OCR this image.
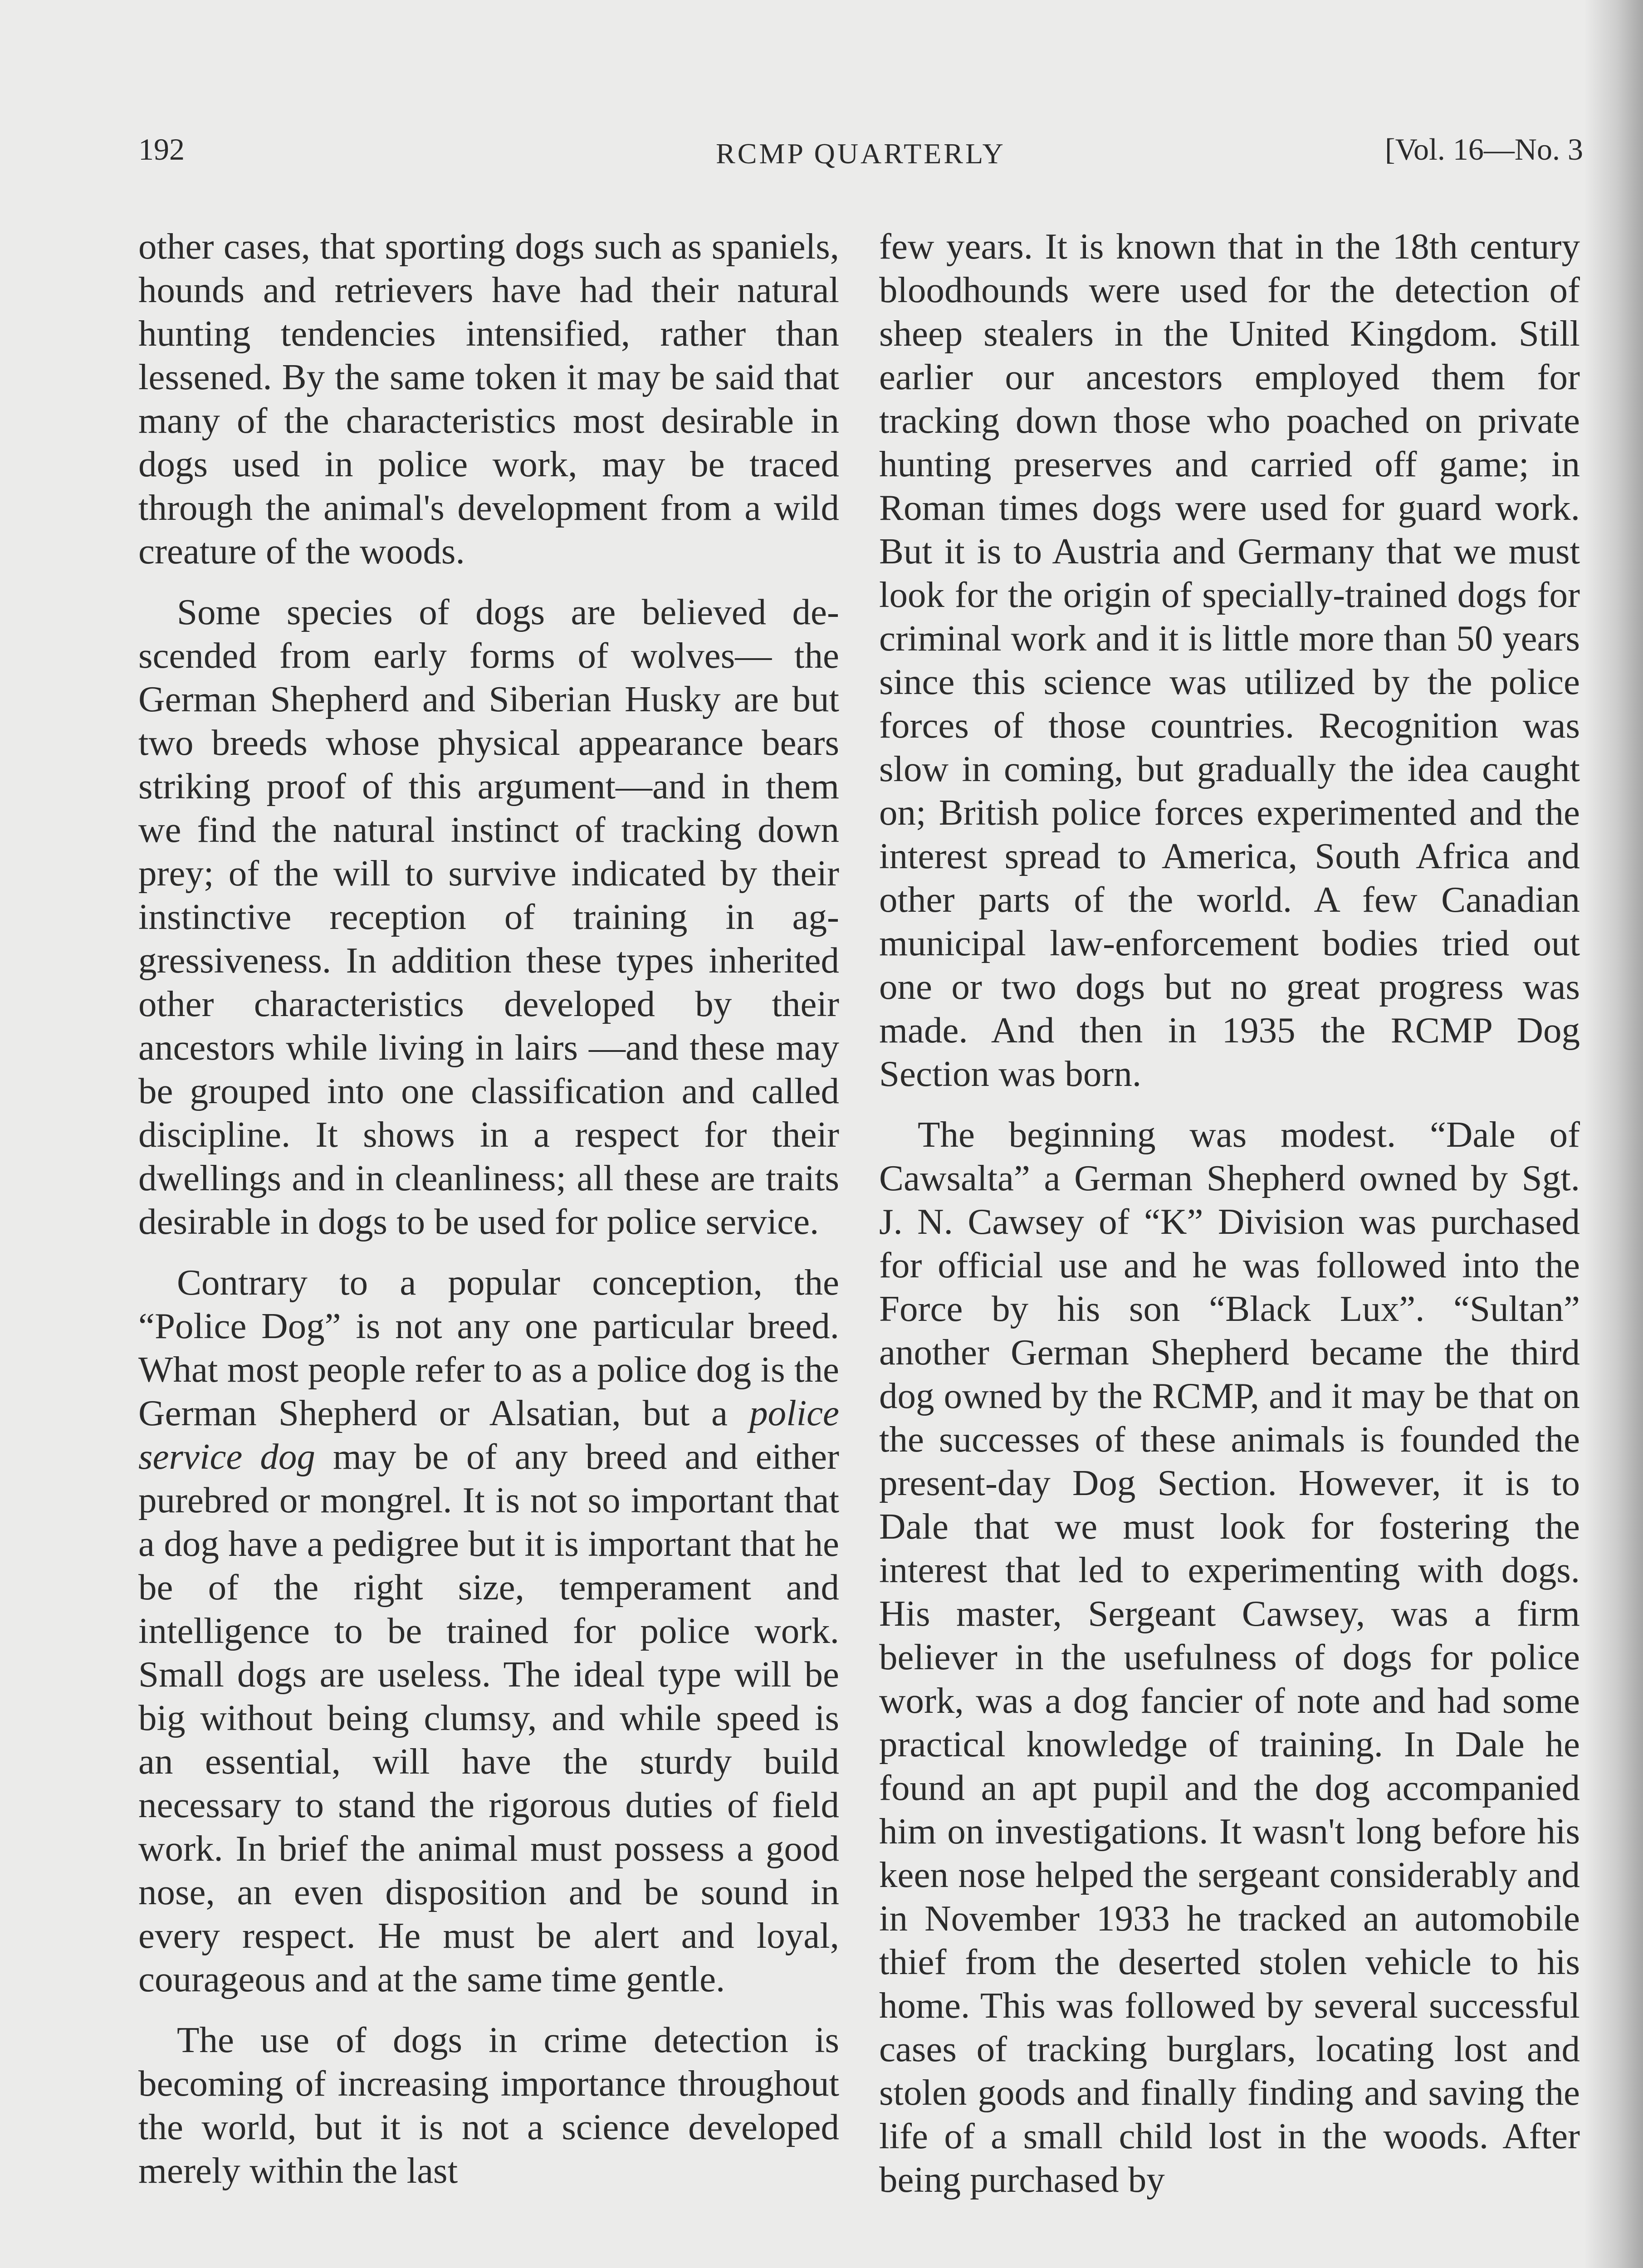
192	RCMP QUARTERLY	[Vol. 16—No. 3

other cases, that sporting dogs such as spaniels, hounds and retrievers have had their natural hunting tendencies intensified, rather than lessened. By the same token it may be said that many of the characteristics most desirable in dogs used in police work, may be traced through the animal's development from a wild creature of the woods.

Some species of dogs are believed descended from early forms of wolves— the German Shepherd and Siberian Husky are but two breeds whose physical appearance bears striking proof of this argument—and in them we find the natural instinct of tracking down prey; of the will to survive indicated by their instinctive reception of training in aggressiveness. In addition these types inherited other characteristics developed by their ancestors while living in lairs —and these may be grouped into one classification and called discipline. It shows in a respect for their dwellings and in cleanliness; all these are traits desirable in dogs to be used for police service.

Contrary to a popular conception, the “Police Dog” is not any one particular breed. What most people refer to as a police dog is the German Shepherd or Alsatian, but a police service dog may be of any breed and either purebred or mongrel. It is not so important that a dog have a pedigree but it is important that he be of the right size, temperament and intelligence to be trained for police work. Small dogs are useless. The ideal type will be big without being clumsy, and while speed is an essential, will have the sturdy build necessary to stand the rigorous duties of field work. In brief the animal must possess a good nose, an even disposition and be sound in every respect. He must be alert and loyal, courageous and at the same time gentle.

The use of dogs in crime detection is becoming of increasing importance throughout the world, but it is not a science developed merely within the last

few years. It is known that in the 18th century bloodhounds were used for the detection of sheep stealers in the United Kingdom. Still earlier our ancestors employed them for tracking down those who poached on private hunting preserves and carried off game; in Roman times dogs were used for guard work. But it is to Austria and Germany that we must look for the origin of specially-trained dogs for criminal work and it is little more than 50 years since this science was utilized by the police forces of those countries. Recognition was slow in coming, but gradually the idea caught on; British police forces experimented and the interest spread to America, South Africa and other parts of the world. A few Canadian municipal law-enforcement bodies tried out one or two dogs but no great progress was made. And then in 1935 the RCMP Dog Section was born.

The beginning was modest. “Dale of Cawsalta” a German Shepherd owned by Sgt. J. N. Cawsey of “K” Division was purchased for official use and he was followed into the Force by his son “Black Lux”. “Sultan” another German Shepherd became the third dog owned by the RCMP, and it may be that on the successes of these animals is founded the present-day Dog Section. However, it is to Dale that we must look for fostering the interest that led to experimenting with dogs. His master, Sergeant Cawsey, was a firm believer in the usefulness of dogs for police work, was a dog fancier of note and had some practical knowledge of training. In Dale he found an apt pupil and the dog accompanied him on investigations. It wasn't long before his keen nose helped the sergeant considerably and in November 1933 he tracked an automobile thief from the deserted stolen vehicle to his home. This was followed by several successful cases of tracking burglars, locating lost and stolen goods and finally finding and saving the life of a small child lost in the woods. After being purchased by
